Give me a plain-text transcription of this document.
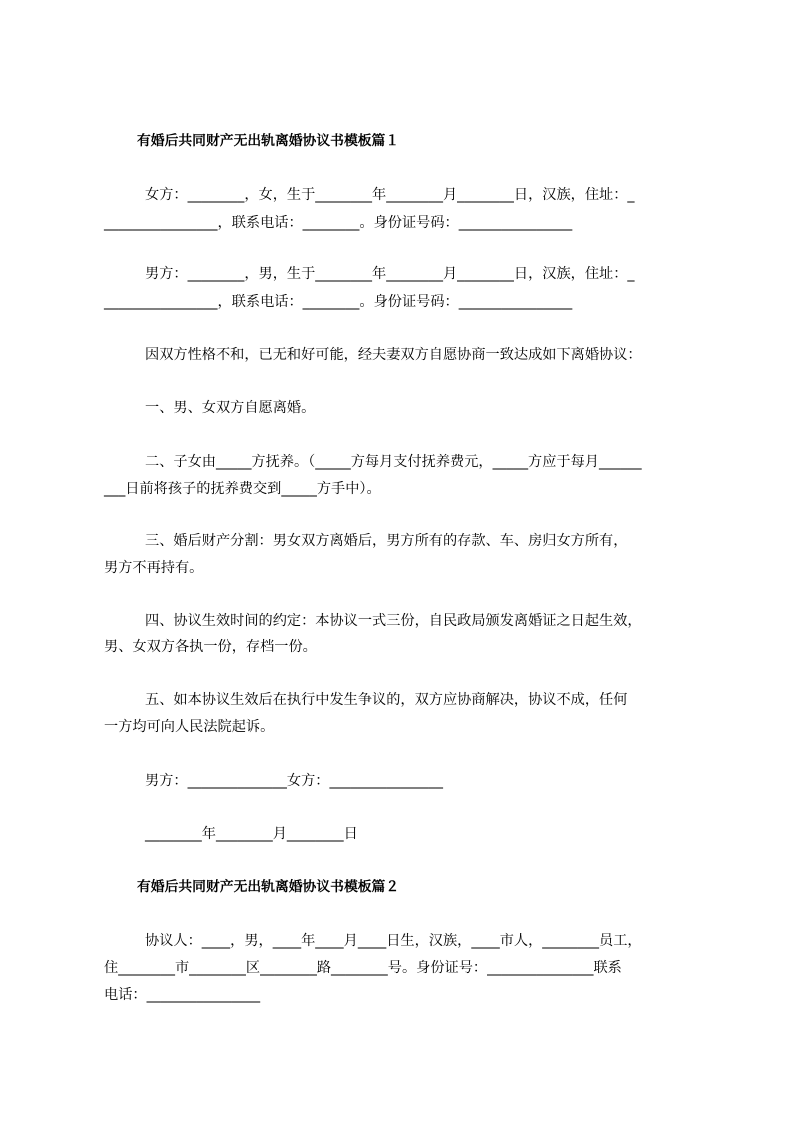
有婚后共同财产无出轨离婚协议书模板篇１
女方：________，女，生于________年________月________日，汉族，住址：_
________________，联系电话：________。身份证号码：________________
男方：________，男，生于________年________月________日，汉族，住址：_
________________，联系电话：________。身份证号码：________________
因双方性格不和，已无和好可能，经夫妻双方自愿协商一致达成如下离婚协议：
一、男、女双方自愿离婚。
二、子女由_____方抚养。（_____方每月支付抚养费元，_____方应于每月______
___日前将孩子的抚养费交到_____方手中）。
三、婚后财产分割：男女双方离婚后，男方所有的存款、车、房归女方所有，
男方不再持有。
四、协议生效时间的约定：本协议一式三份，自民政局颁发离婚证之日起生效，
男、女双方各执一份，存档一份。
五、如本协议生效后在执行中发生争议的，双方应协商解决，协议不成，任何
一方均可向人民法院起诉。
男方：______________女方：________________
________年________月________日
有婚后共同财产无出轨离婚协议书模板篇２
协议人：____，男，____年____月____日生，汉族，____市人，________员工，
住________市________区________路________号。身份证号：_______________联系
电话：________________
